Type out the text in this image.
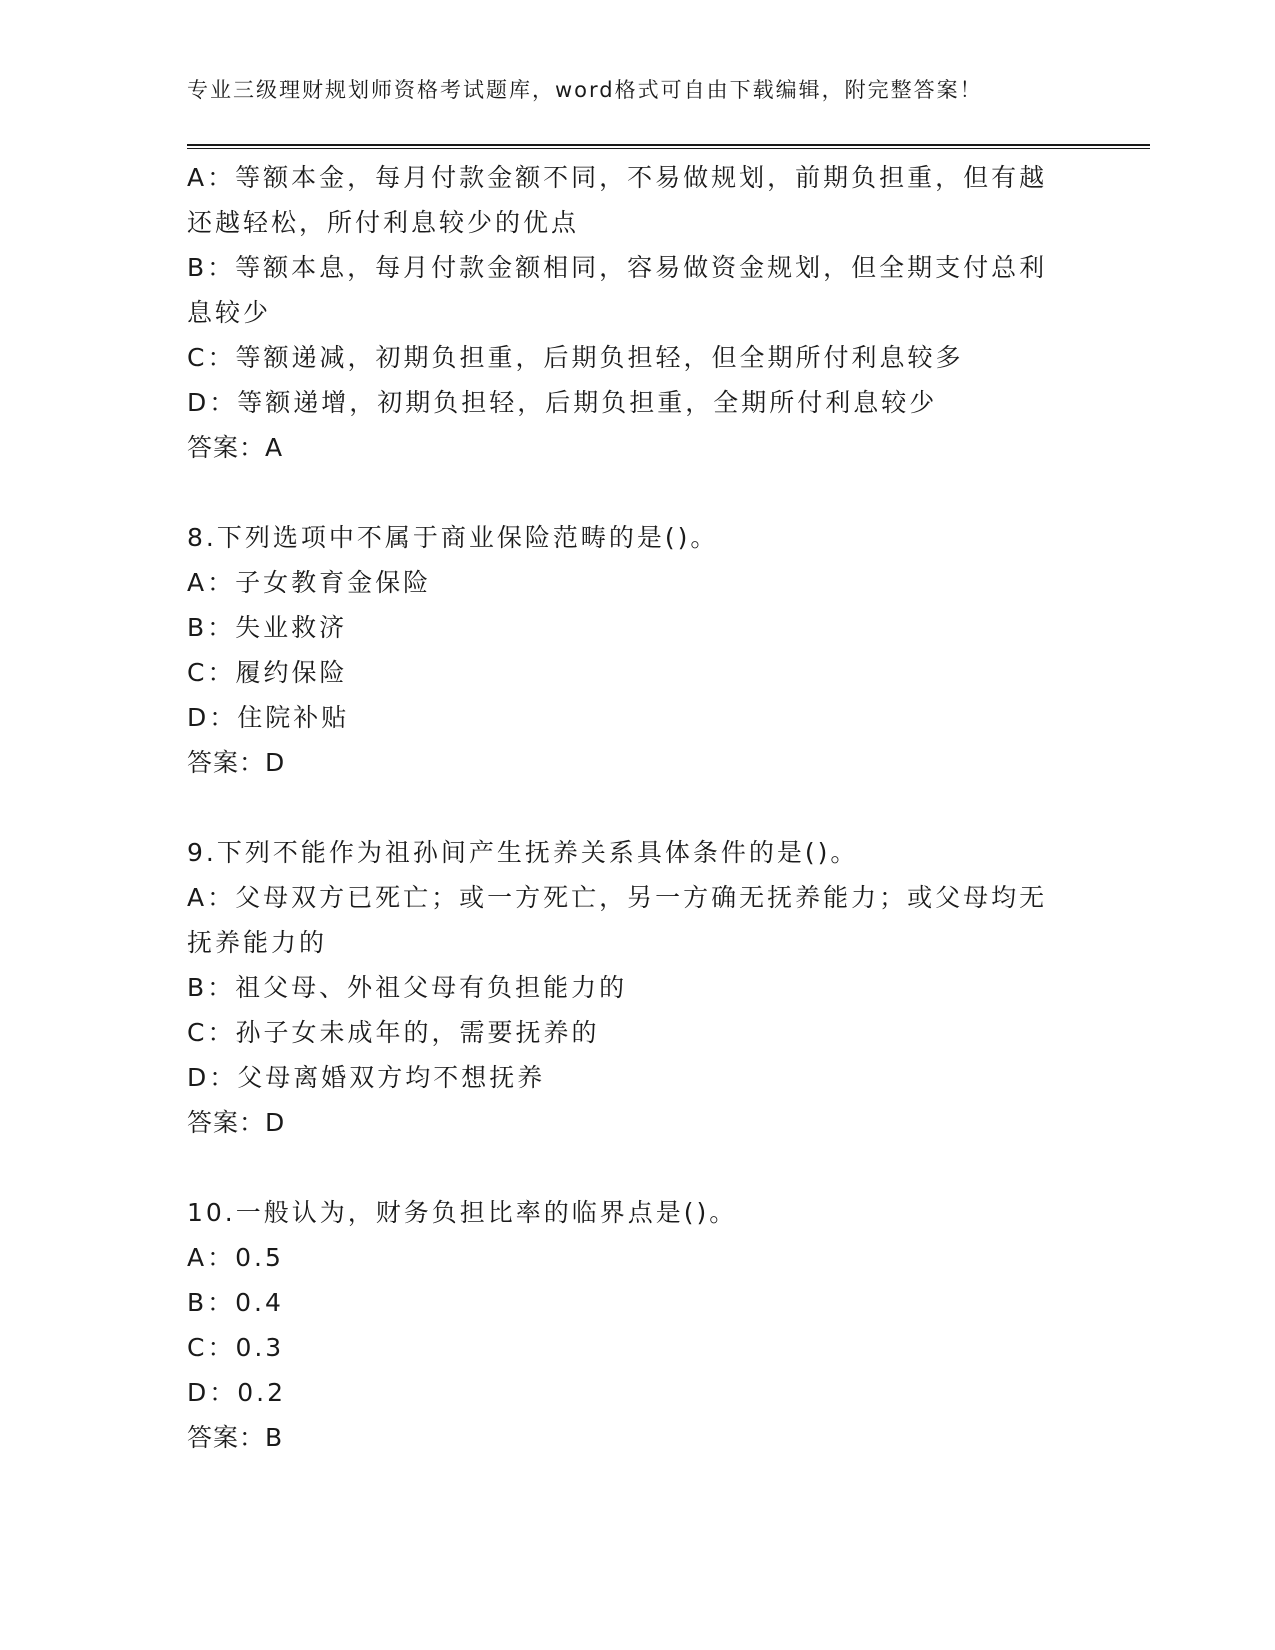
专业三级理财规划师资格考试题库，word格式可自由下载编辑，附完整答案！

A：等额本金，每月付款金额不同，不易做规划，前期负担重，但有越

还越轻松，所付利息较少的优点

B：等额本息，每月付款金额相同，容易做资金规划，但全期支付总利

息较少

C：等额递减，初期负担重，后期负担轻，但全期所付利息较多

D：等额递增，初期负担轻，后期负担重，全期所付利息较少

答案：A

8.下列选项中不属于商业保险范畴的是()。

A：子女教育金保险

B：失业救济

C：履约保险

D：住院补贴

答案：D

9.下列不能作为祖孙间产生抚养关系具体条件的是()。

A：父母双方已死亡；或一方死亡，另一方确无抚养能力；或父母均无

抚养能力的

B：祖父母、外祖父母有负担能力的

C：孙子女未成年的，需要抚养的

D：父母离婚双方均不想抚养

答案：D

10.一般认为，财务负担比率的临界点是()。

A：0.5

B：0.4

C：0.3

D：0.2

答案：B
